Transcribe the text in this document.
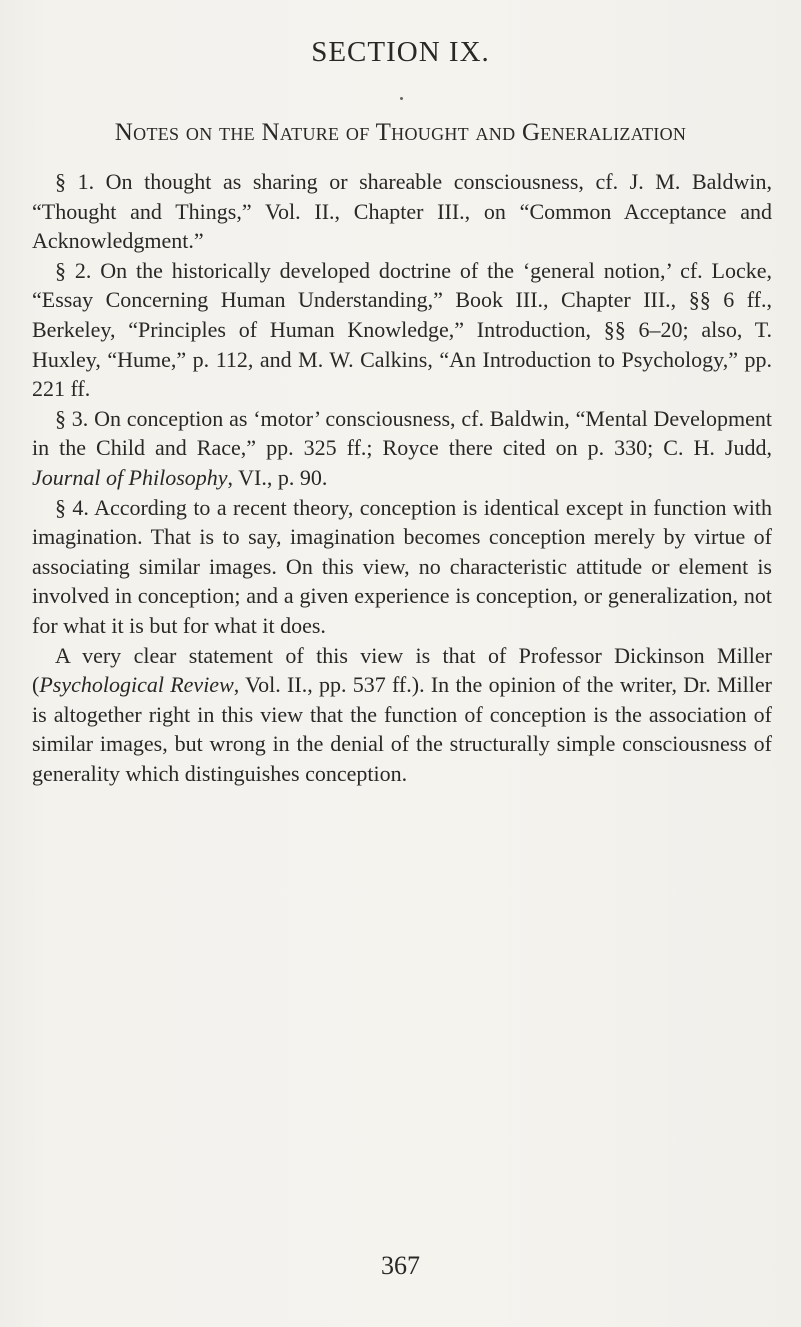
SECTION IX.
Notes on the Nature of Thought and Generalization

§ 1. On thought as sharing or shareable consciousness, cf. J. M. Baldwin, “Thought and Things,” Vol. II., Chapter III., on “Common Acceptance and Acknowledgment.”

§ 2. On the historically developed doctrine of the ‘general notion,’ cf. Locke, “Essay Concerning Human Understanding,” Book III., Chapter III., §§ 6 ff., Berkeley, “Principles of Human Knowledge,” Introduction, §§ 6–20; also, T. Huxley, “Hume,” p. 112, and M. W. Calkins, “An Introduction to Psychology,” pp. 221 ff.

§ 3. On conception as ‘motor’ consciousness, cf. Baldwin, “Mental Development in the Child and Race,” pp. 325 ff.; Royce there cited on p. 330; C. H. Judd, Journal of Philosophy, VI., p. 90.

§ 4. According to a recent theory, conception is identical except in function with imagination. That is to say, imagination becomes conception merely by virtue of associating similar images. On this view, no characteristic attitude or element is involved in conception; and a given experience is conception, or generalization, not for what it is but for what it does.

A very clear statement of this view is that of Professor Dickinson Miller (Psychological Review, Vol. II., pp. 537 ff.). In the opinion of the writer, Dr. Miller is altogether right in this view that the function of conception is the association of similar images, but wrong in the denial of the structurally simple consciousness of generality which distinguishes conception.

367
